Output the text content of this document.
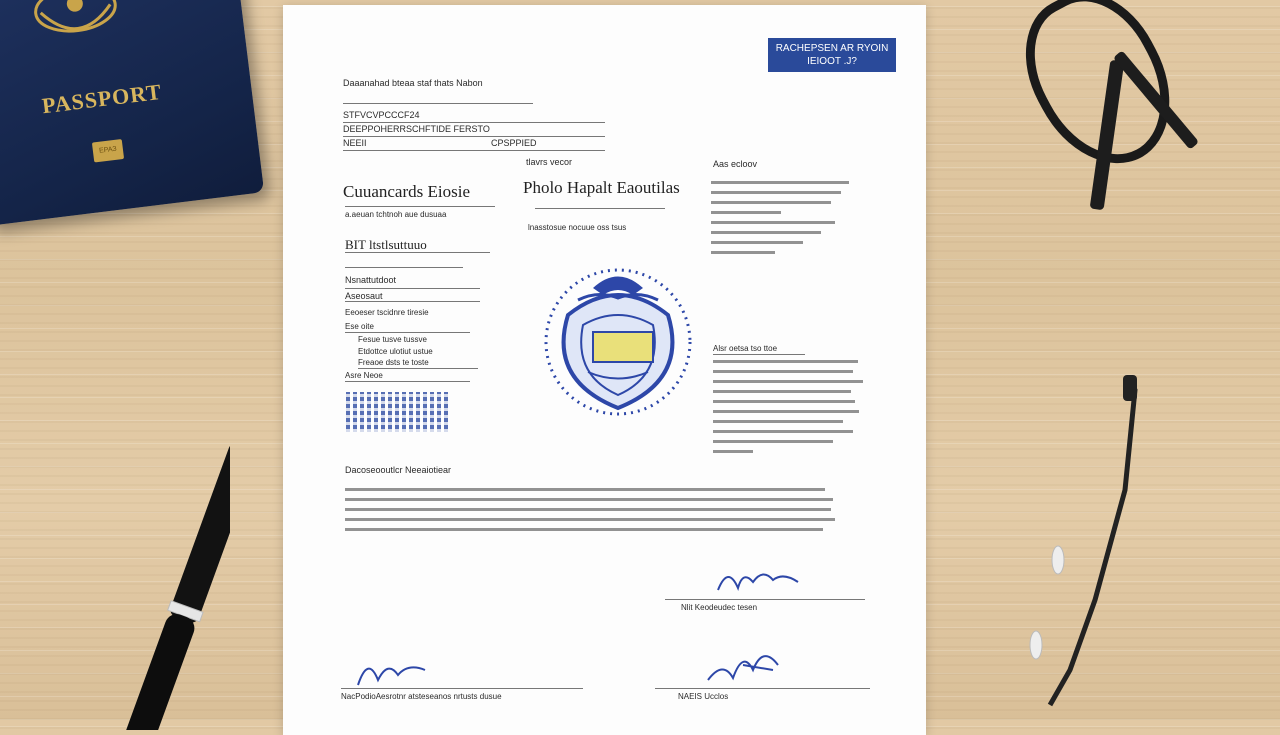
PASSPORT
ЕРАЗ
RACHEPSEN AR RYOIN
IEIOOT .J?
Daaanahad bteaa staf thats Nabon
STFVCVPCCCF24
DEEPPOHERRSCHFTIDE FERSTO
NEEII	CPSPPIED
tlavrs vecor	Aas ecloov
Cuuancards Eiosie	Pholo Hapalt Eaoutilas
a.aeuan tchtnoh aue dusuaa
lnasstosue nocuue oss tsus
BIT ltstlsuttuuo
Nsnattutdoot
Aseosaut
Eeoeser tscidnre tiresie
Ese oite
Fesue tusve tussve
Etdottce ulotiut ustue
Freaoe dsts te toste
Asre Neoe
Alsr oetsa tso ttoe
Dacoseooutlcr Neeaiotiear
Nlit Keodeudec tesen
NacPodioAesrotnr atsteseanos nrtusts dusue	NAEIS Ucclos
